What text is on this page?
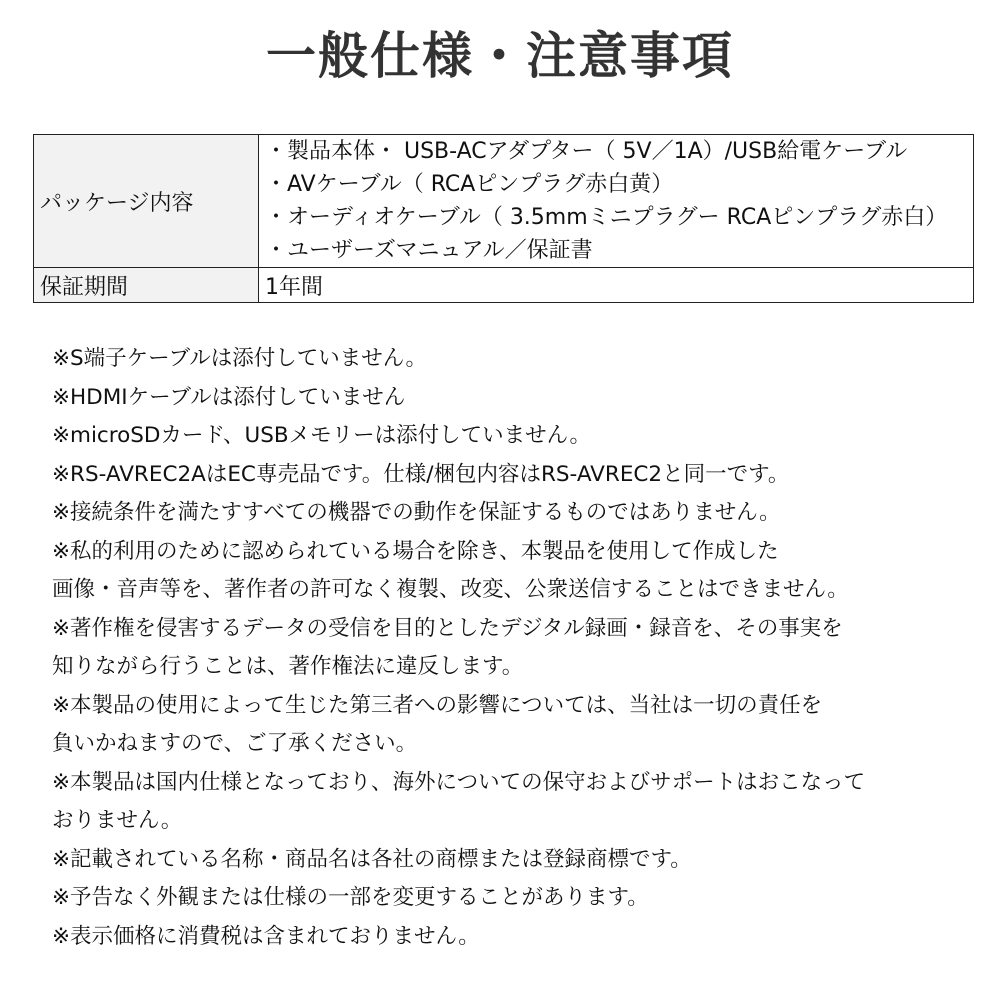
一般仕様・注意事項
パッケージ内容	・製品本体・ USB-ACアダプター（ 5V／1A）/USB給電ケーブル
・AVケーブル（ RCAピンプラグ赤白黄）
・オーディオケーブル（ 3.5mmミニプラグー RCAピンプラグ赤白）
・ユーザーズマニュアル／保証書

保証期間	1年間
※S端子ケーブルは添付していません。
※HDMIケーブルは添付していません
※microSDカード、USBメモリーは添付していません。
※RS-AVREC2AはEC専売品です。仕様/梱包内容はRS-AVREC2と同一です。
※接続条件を満たすすべての機器での動作を保証するものではありません。
※私的利用のために認められている場合を除き、本製品を使用して作成した
画像・音声等を、著作者の許可なく複製、改変、公衆送信することはできません。
※著作権を侵害するデータの受信を目的としたデジタル録画・録音を、その事実を
知りながら行うことは、著作権法に違反します。
※本製品の使用によって生じた第三者への影響については、当社は一切の責任を
負いかねますので、ご了承ください。
※本製品は国内仕様となっており、海外についての保守およびサポートはおこなって
おりません。
※記載されている名称・商品名は各社の商標または登録商標です。
※予告なく外観または仕様の一部を変更することがあります。
※表示価格に消費税は含まれておりません。
